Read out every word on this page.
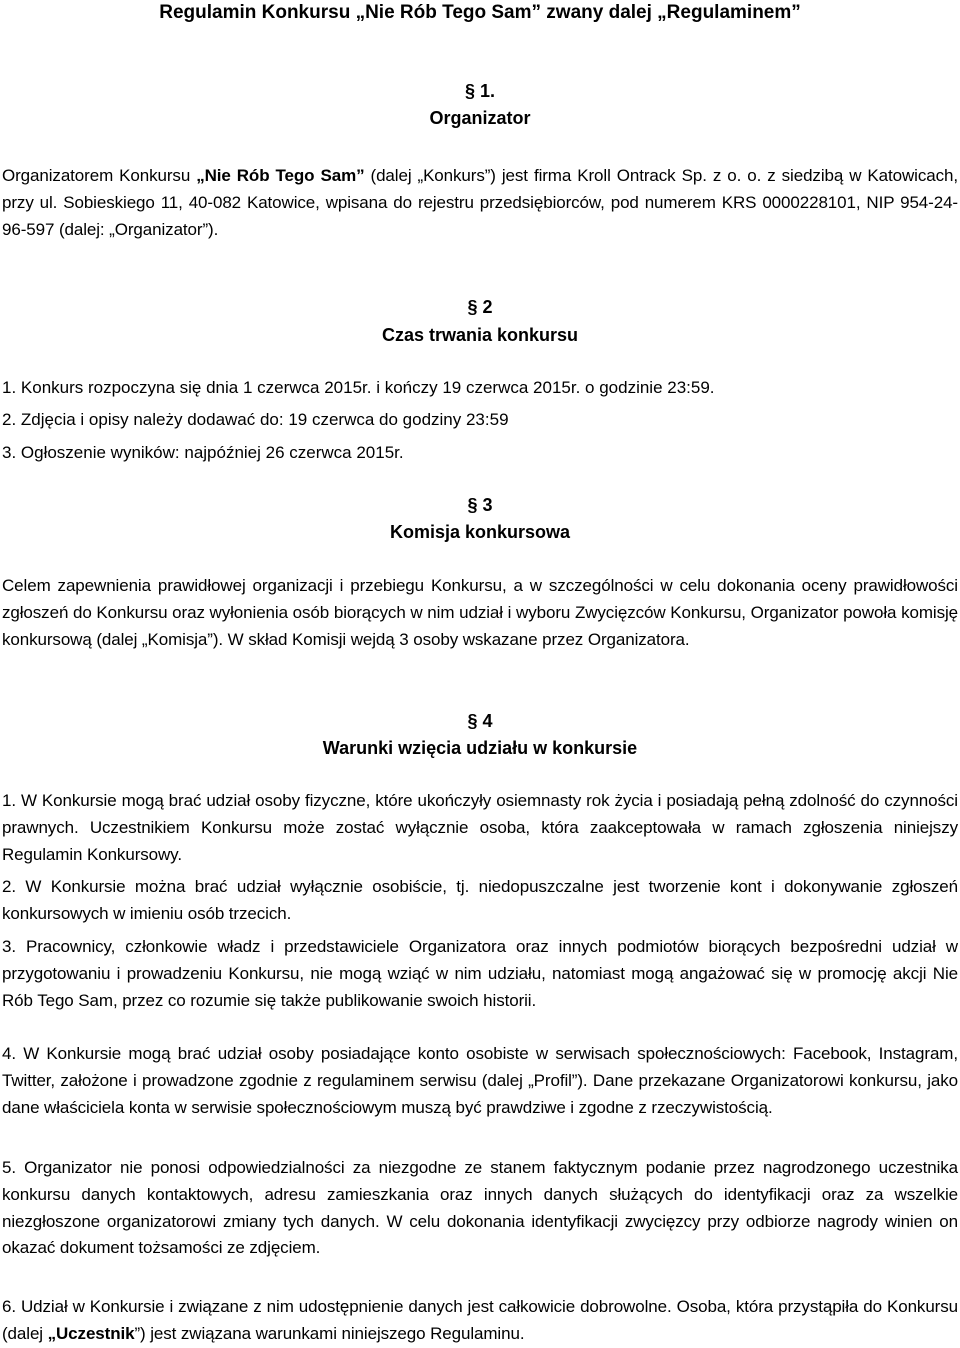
Regulamin Konkursu „Nie Rób Tego Sam” zwany dalej „Regulaminem”
§ 1.
Organizator
Organizatorem Konkursu „Nie Rób Tego Sam” (dalej „Konkurs”) jest firma Kroll Ontrack Sp. z o. o. z siedzibą w Katowicach, przy ul. Sobieskiego 11, 40-082 Katowice, wpisana do rejestru przedsiębiorców, pod numerem KRS 0000228101, NIP 954-24-96-597 (dalej: „Organizator”).
§ 2
Czas trwania konkursu
1. Konkurs rozpoczyna się dnia 1 czerwca 2015r. i kończy 19 czerwca 2015r. o godzinie 23:59.
2. Zdjęcia i opisy należy dodawać do: 19 czerwca do godziny 23:59
3. Ogłoszenie wyników: najpóźniej 26 czerwca 2015r.
§ 3
Komisja konkursowa
Celem zapewnienia prawidłowej organizacji i przebiegu Konkursu, a w szczególności w celu dokonania oceny prawidłowości zgłoszeń do Konkursu oraz wyłonienia osób biorących w nim udział i wyboru Zwycięzców Konkursu, Organizator powoła komisję konkursową (dalej „Komisja”). W skład Komisji wejdą 3 osoby wskazane przez Organizatora.
§ 4
Warunki wzięcia udziału w konkursie
1. W Konkursie mogą brać udział osoby fizyczne, które ukończyły osiemnasty rok życia i posiadają pełną zdolność do czynności prawnych. Uczestnikiem Konkursu może zostać wyłącznie osoba, która zaakceptowała w ramach zgłoszenia niniejszy Regulamin Konkursowy.
2. W Konkursie można brać udział wyłącznie osobiście, tj. niedopuszczalne jest tworzenie kont i dokonywanie zgłoszeń konkursowych w imieniu osób trzecich.
3. Pracownicy, członkowie władz i przedstawiciele Organizatora oraz innych podmiotów biorących bezpośredni udział w przygotowaniu i prowadzeniu Konkursu, nie mogą wziąć w nim udziału, natomiast mogą angażować się w promocję akcji Nie Rób Tego Sam, przez co rozumie się także publikowanie swoich historii.
4. W Konkursie mogą brać udział osoby posiadające konto osobiste w serwisach społecznościowych: Facebook, Instagram, Twitter, założone i prowadzone zgodnie z regulaminem serwisu (dalej „Profil”). Dane przekazane Organizatorowi konkursu, jako dane właściciela konta w serwisie społecznościowym muszą być prawdziwe i zgodne z rzeczywistością.
5. Organizator nie ponosi odpowiedzialności za niezgodne ze stanem faktycznym podanie przez nagrodzonego uczestnika konkursu danych kontaktowych, adresu zamieszkania oraz innych danych służących do identyfikacji oraz za wszelkie niezgłoszone organizatorowi zmiany tych danych. W celu dokonania identyfikacji zwycięzcy przy odbiorze nagrody winien on okazać dokument tożsamości ze zdjęciem.
6. Udział w Konkursie i związane z nim udostępnienie danych jest całkowicie dobrowolne. Osoba, która przystąpiła do Konkursu (dalej „Uczestnik”) jest związana warunkami niniejszego Regulaminu.
